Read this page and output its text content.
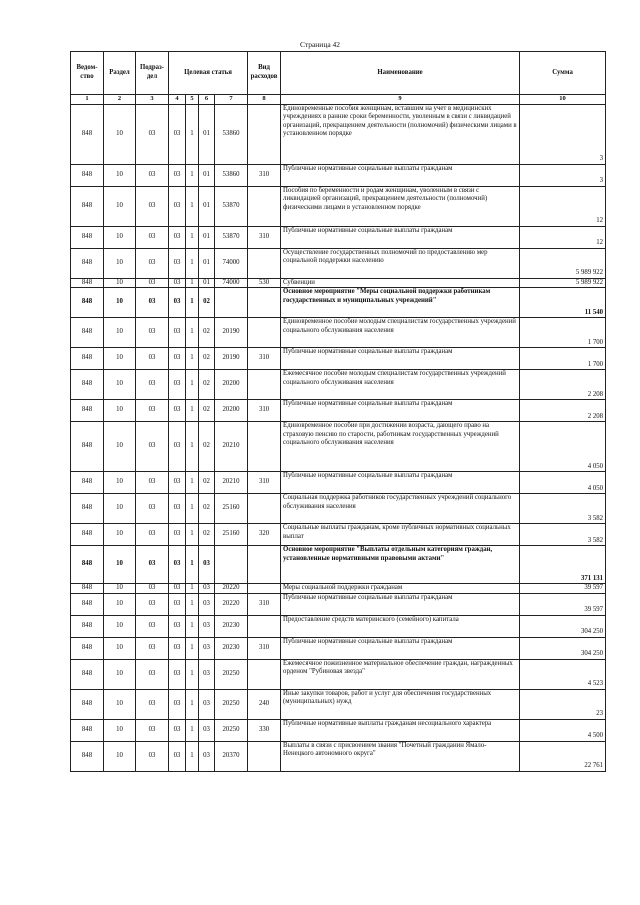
Страница 42
Ведом-ство	Раздел	Подраз-дел	Целевая статья				Вид расходов	Наименование	Сумма
1	2	3	4	5	6	7	8	9	10
848	10	03	03	1	01	53860		Единовременные пособия женщинам, вставшим на учет в медицинских учреждениях в ранние сроки беременности, уволенным в связи с ликвидацией организаций, прекращением деятельности (полномочий) физическими лицами в установленном порядке	3
848	10	03	03	1	01	53860	310	Публичные нормативные социальные выплаты гражданам	3
848	10	03	03	1	01	53870		Пособия по беременности и родам женщинам, уволенным в связи с ликвидацией организаций, прекращением деятельности (полномочий) физическими лицами в установленном порядке	12
848	10	03	03	1	01	53870	310	Публичные нормативные социальные выплаты гражданам	12
848	10	03	03	1	01	74000		Осуществление государственных полномочий по предоставлению мер социальной поддержки населению	5 989 922
848	10	03	03	1	01	74000	530	Субвенции	5 989 922
848	10	03	03	1	02			Основное мероприятие "Меры социальной поддержки работникам государственных и муниципальных учреждений"	11 540
848	10	03	03	1	02	20190		Единовременное пособие молодым специалистам государственных учреждений социального обслуживания населения	1 700
848	10	03	03	1	02	20190	310	Публичные нормативные социальные выплаты гражданам	1 700
848	10	03	03	1	02	20200		Ежемесячное пособие молодым специалистам государственных учреждений социального обслуживания населения	2 208
848	10	03	03	1	02	20200	310	Публичные нормативные социальные выплаты гражданам	2 208
848	10	03	03	1	02	20210		Единовременное пособие при достижении возраста, дающего право на страховую пенсию по старости, работникам государственных учреждений социального обслуживания населения	4 050
848	10	03	03	1	02	20210	310	Публичные нормативные социальные выплаты гражданам	4 050
848	10	03	03	1	02	25160		Социальная поддержка работников государственных учреждений социального обслуживания населения	3 582
848	10	03	03	1	02	25160	320	Социальные выплаты гражданам, кроме публичных нормативных социальных выплат	3 582
848	10	03	03	1	03			Основное мероприятие "Выплаты отдельным категориям граждан, установленные нормативными правовыми актами"	371 131
848	10	03	03	1	03	20220		Меры социальной поддержки гражданам	39 597
848	10	03	03	1	03	20220	310	Публичные нормативные социальные выплаты гражданам	39 597
848	10	03	03	1	03	20230		Предоставление средств материнского (семейного) капитала	304 250
848	10	03	03	1	03	20230	310	Публичные нормативные социальные выплаты гражданам	304 250
848	10	03	03	1	03	20250		Ежемесячное пожизненное материальное обеспечение граждан, награжденных орденом "Рубиновая звезда"	4 523
848	10	03	03	1	03	20250	240	Иные закупки товаров, работ и услуг для обеспечения государственных (муниципальных) нужд	23
848	10	03	03	1	03	20250	330	Публичные нормативные выплаты гражданам несоциального характера	4 500
848	10	03	03	1	03	20370		Выплаты в связи с присвоением звания "Почетный гражданин Ямало-Ненецкого автономного округа"	22 761
